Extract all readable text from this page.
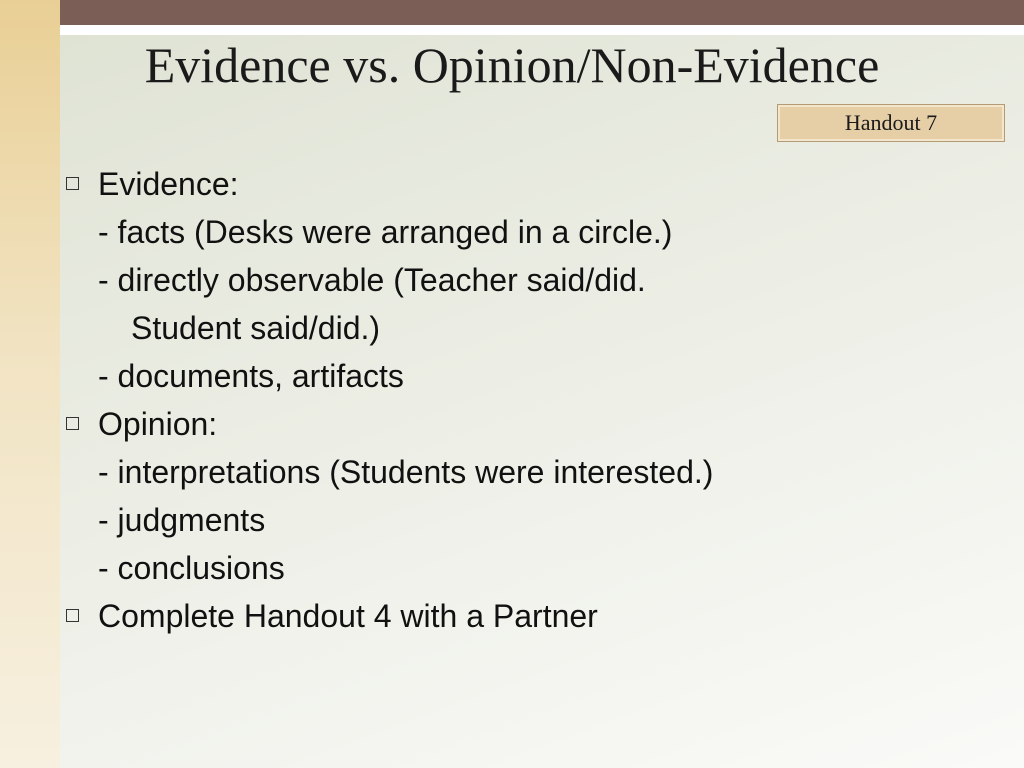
Evidence vs. Opinion/Non-Evidence
Handout 7
Evidence:
- facts (Desks were arranged in a circle.)
- directly observable (Teacher said/did.
Student said/did.)
- documents, artifacts
Opinion:
- interpretations (Students were interested.)
- judgments
- conclusions
Complete Handout 4 with a Partner
